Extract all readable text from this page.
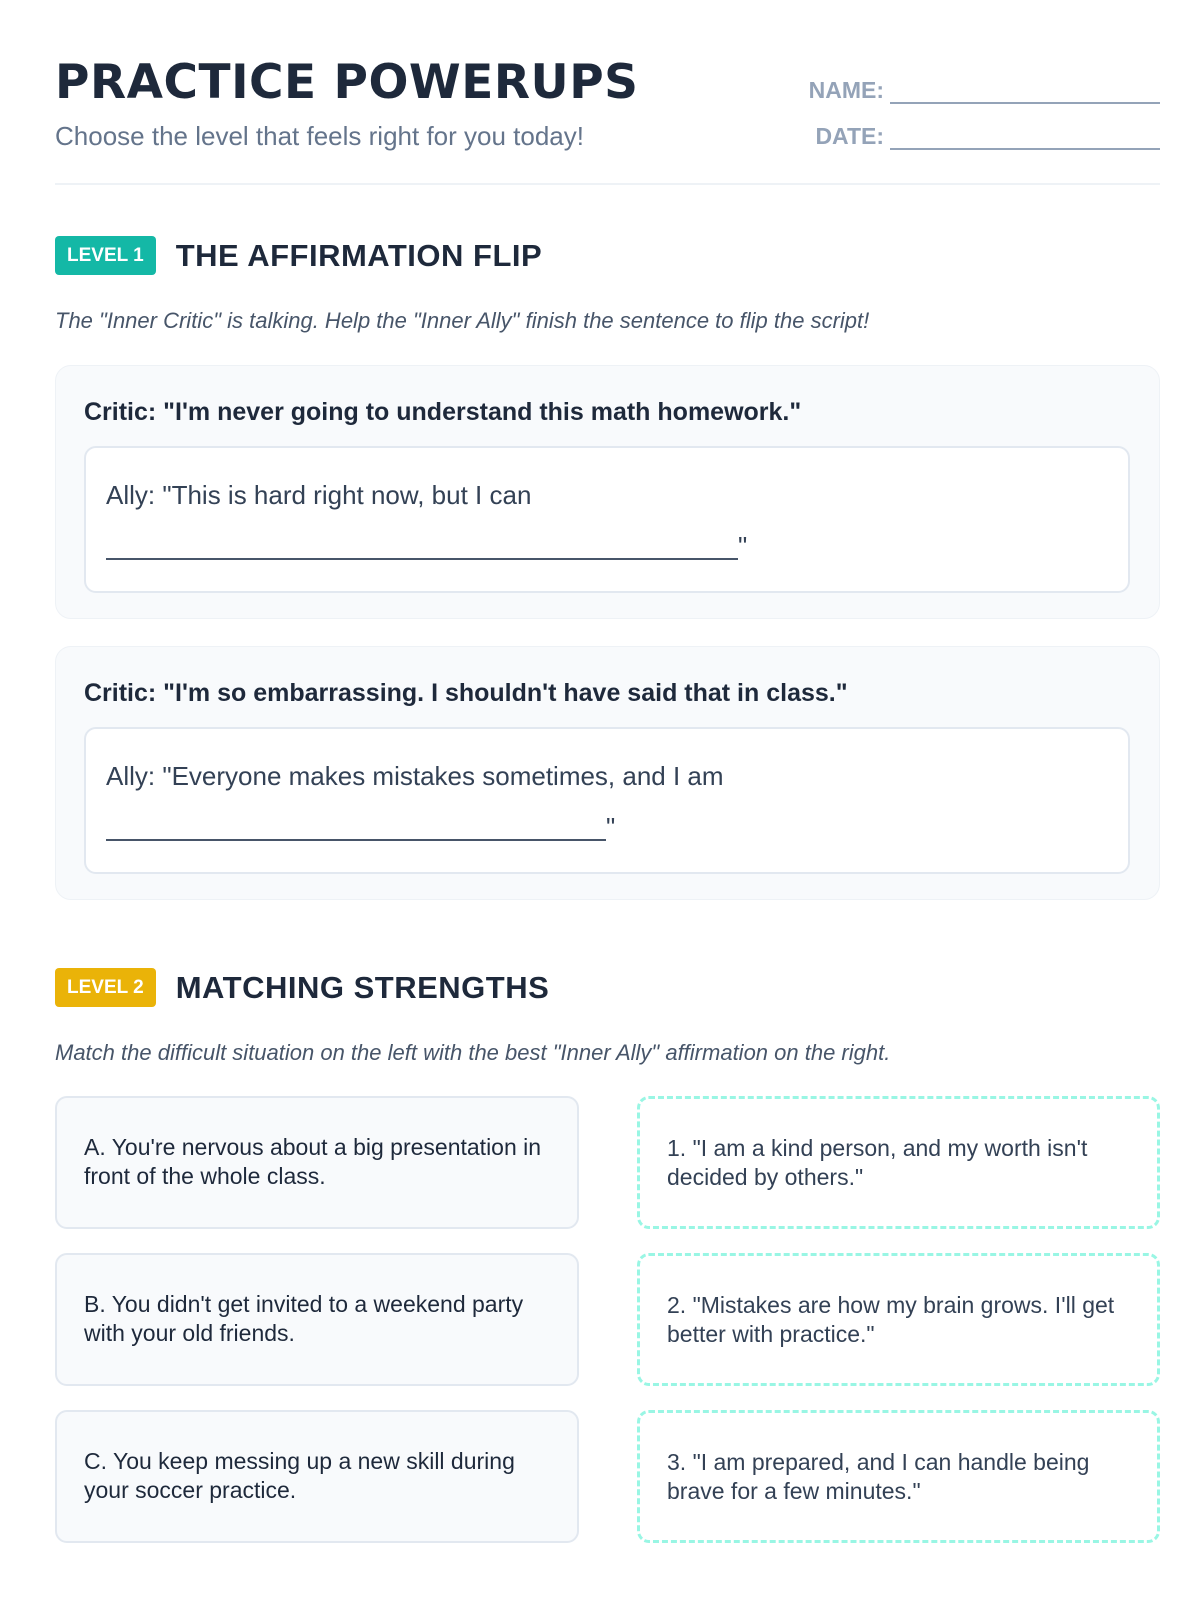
PRACTICE POWERUPS
Choose the level that feels right for you today!
NAME:
DATE:
LEVEL 1	THE AFFIRMATION FLIP
The "Inner Critic" is talking. Help the "Inner Ally" finish the sentence to flip the script!
Critic: "I'm never going to understand this math homework."
Ally: "This is hard right now, but I can
"
Critic: "I'm so embarrassing. I shouldn't have said that in class."
Ally: "Everyone makes mistakes sometimes, and I am
"
LEVEL 2	MATCHING STRENGTHS
Match the difficult situation on the left with the best "Inner Ally" affirmation on the right.
A. You're nervous about a big presentation in front of the whole class.
1. "I am a kind person, and my worth isn't decided by others."
B. You didn't get invited to a weekend party with your old friends.
2. "Mistakes are how my brain grows. I'll get better with practice."
C. You keep messing up a new skill during your soccer practice.
3. "I am prepared, and I can handle being brave for a few minutes."
